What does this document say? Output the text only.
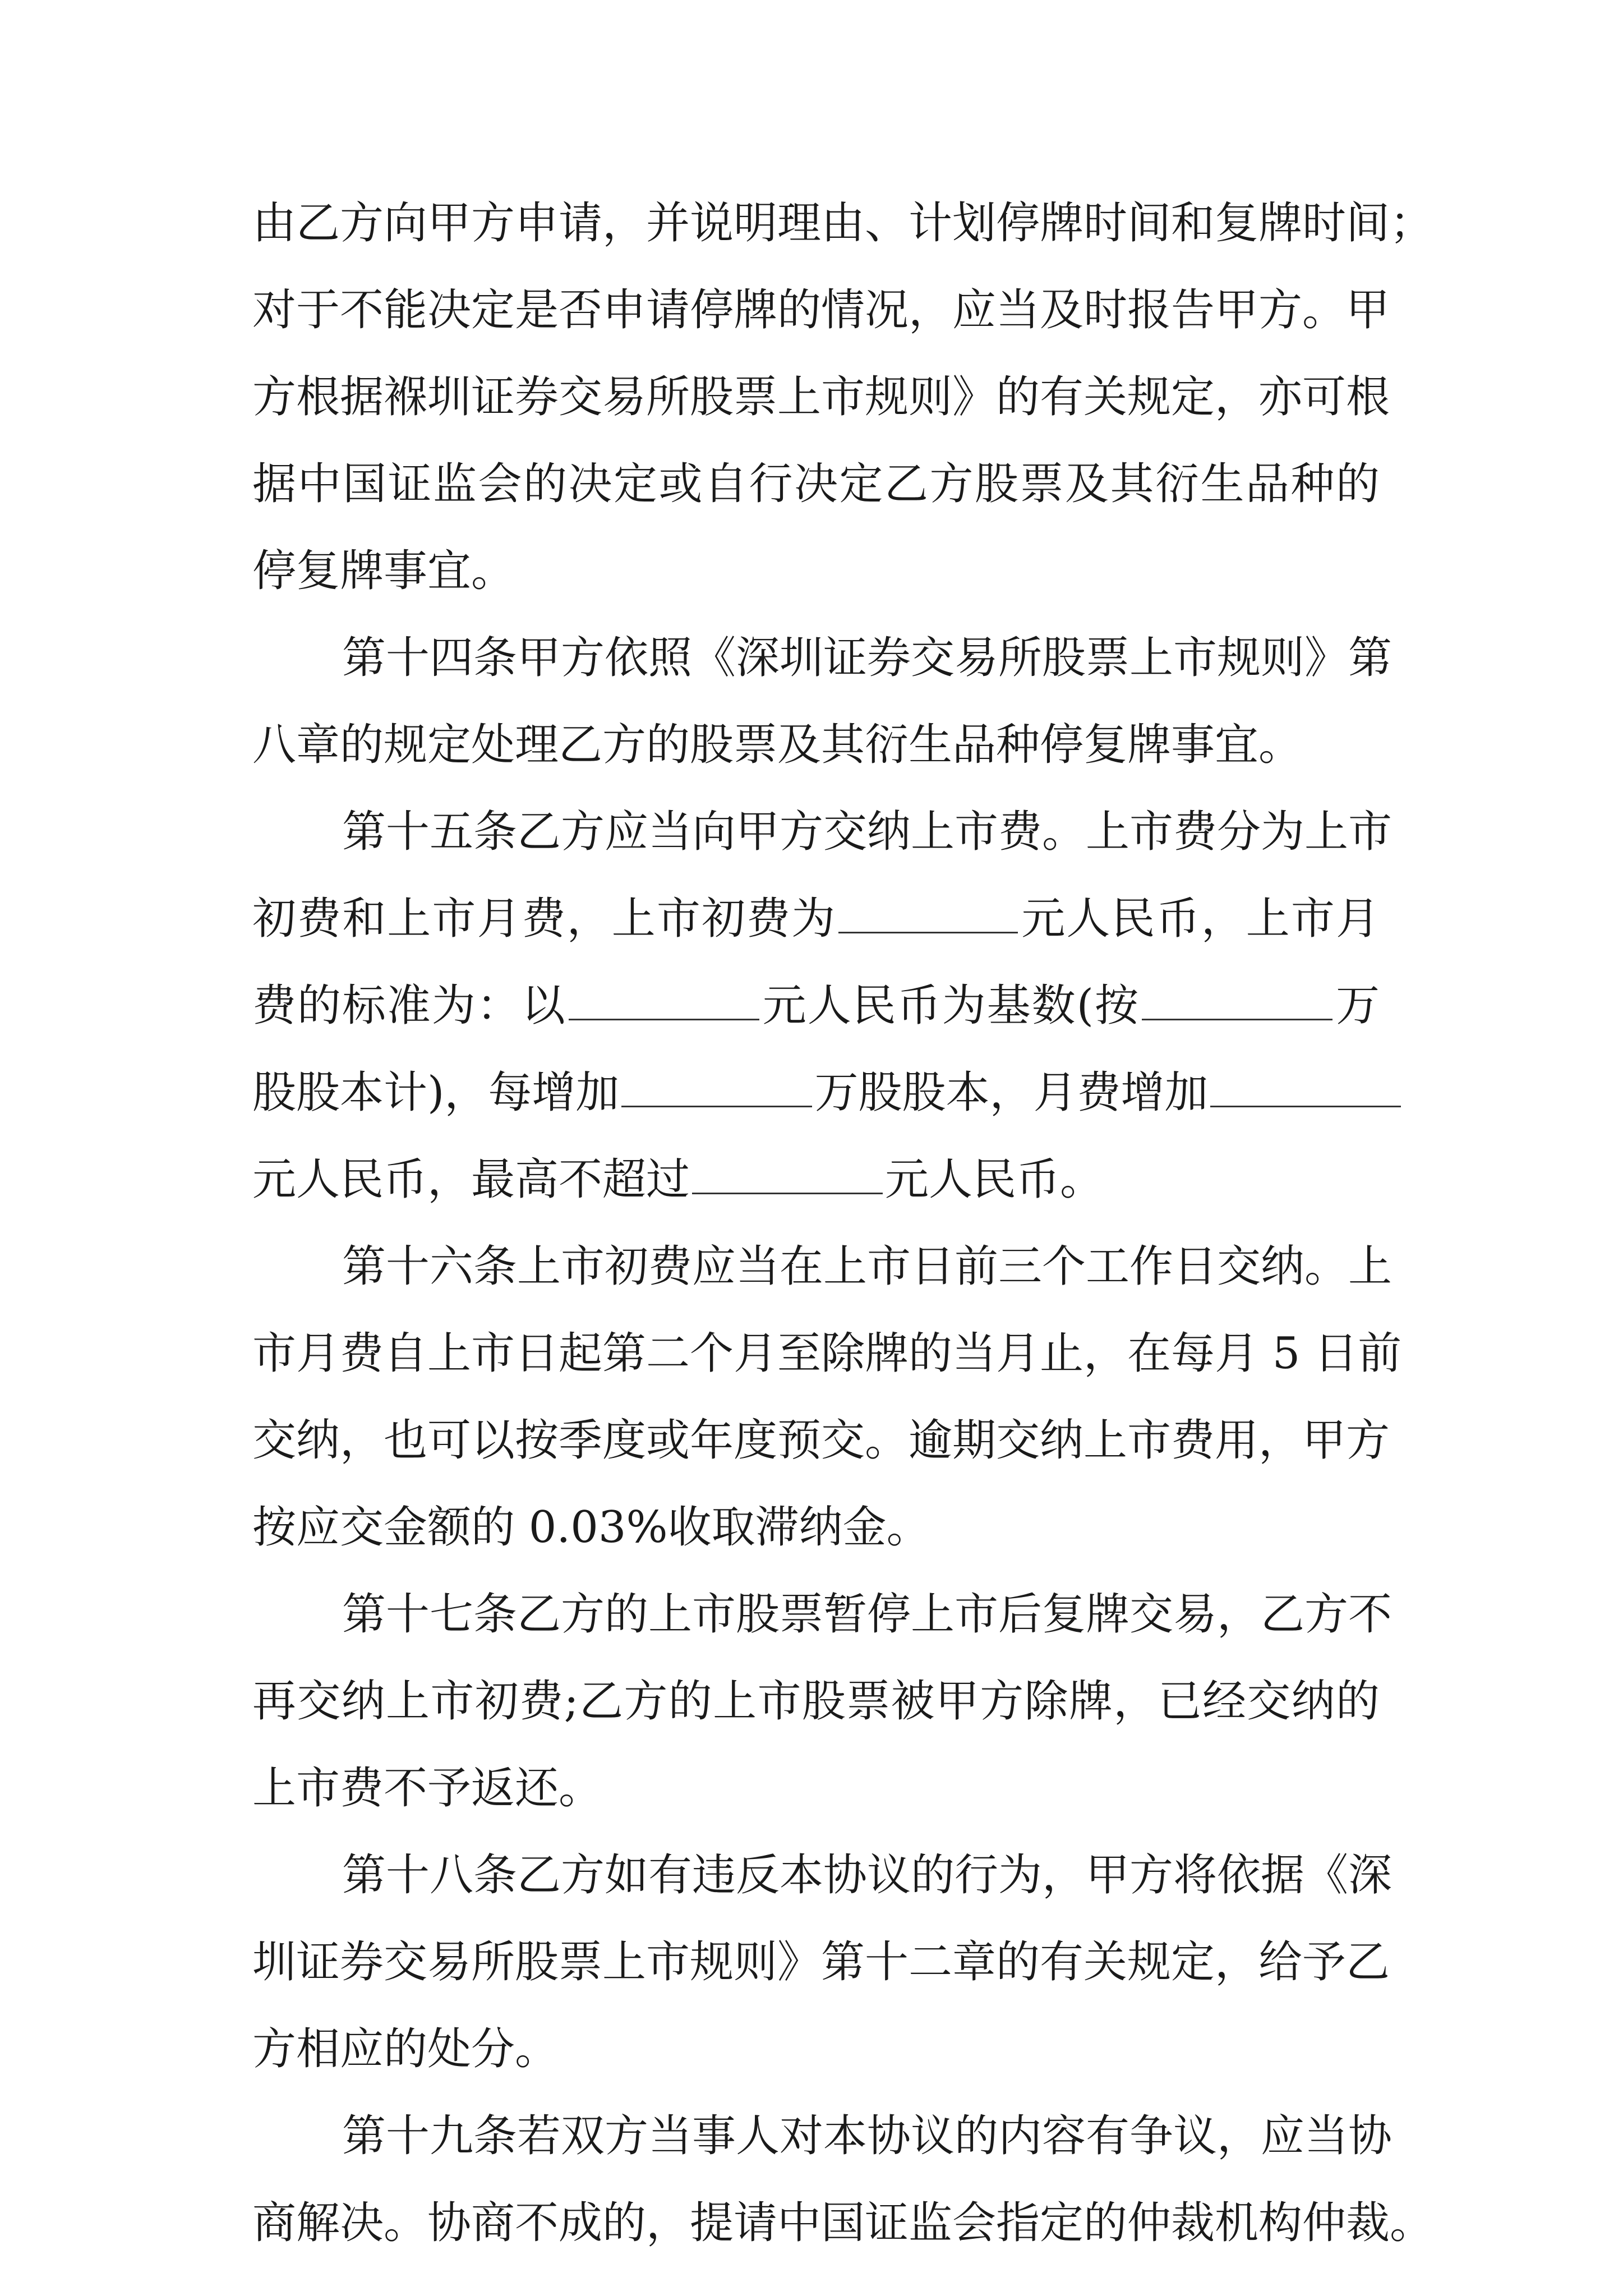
由乙方向甲方申请，并说明理由、计划停牌时间和复牌时间；
对于不能决定是否申请停牌的情况，应当及时报告甲方。甲
方根据褓圳证券交易所股票上市规则》的有关规定，亦可根
据中国证监会的决定或自行决定乙方股票及其衍生品种的
停复牌事宜。
第十四条甲方依照《深圳证券交易所股票上市规则》第
八章的规定处理乙方的股票及其衍生品种停复牌事宜。
第十五条乙方应当向甲方交纳上市费。上市费分为上市
初费和上市月费，上市初费为	元人民币，上市月
费的标准为：以	元人民币为基数(按	万
股股本计)，每增加	万股股本，月费增加
元人民币，最高不超过	元人民币。
第十六条上市初费应当在上市日前三个工作日交纳。上
市月费自上市日起第二个月至除牌的当月止，在每月 5 日前
交纳，也可以按季度或年度预交。逾期交纳上市费用，甲方
按应交金额的 0.03%收取滞纳金。
第十七条乙方的上市股票暂停上市后复牌交易，乙方不
再交纳上市初费;乙方的上市股票被甲方除牌，已经交纳的
上市费不予返还。
第十八条乙方如有违反本协议的行为，甲方将依据《深
圳证券交易所股票上市规则》第十二章的有关规定，给予乙
方相应的处分。
第十九条若双方当事人对本协议的内容有争议，应当协
商解决。协商不成的，提请中国证监会指定的仲裁机构仲裁。
